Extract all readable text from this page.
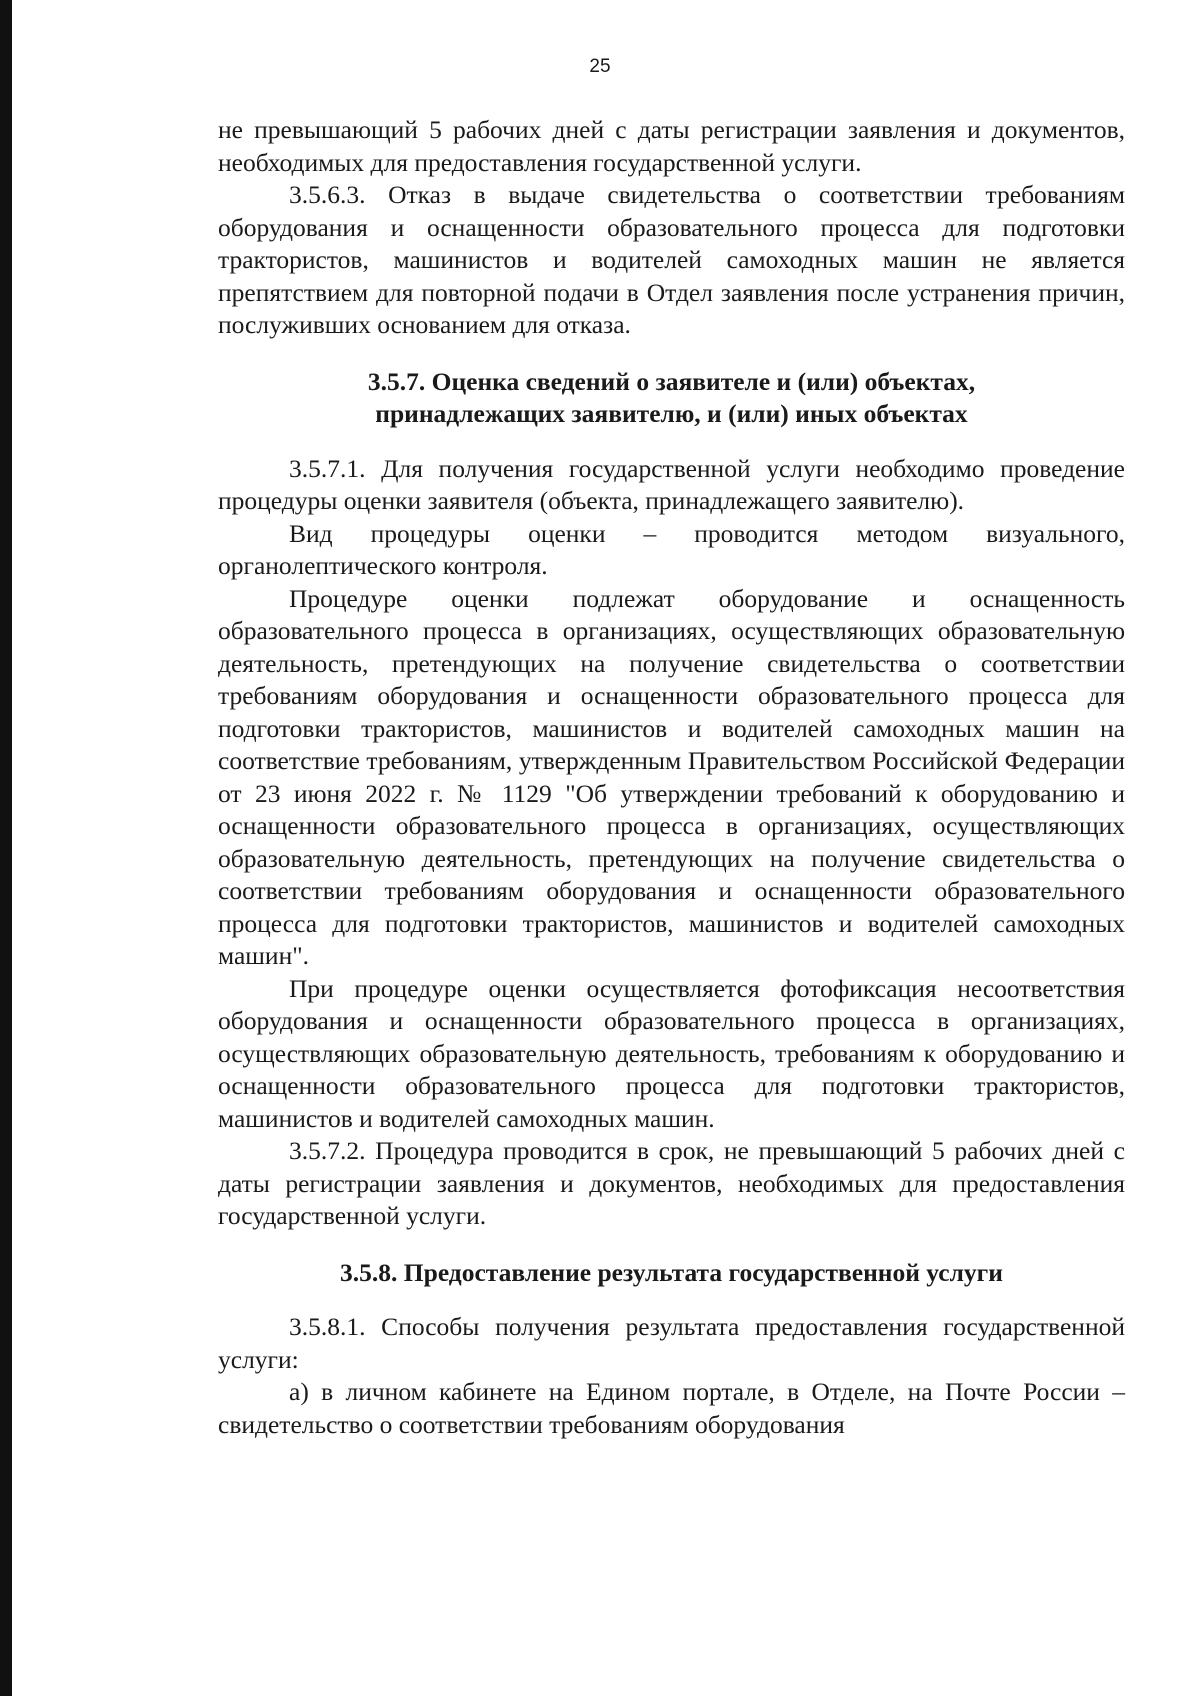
25

не превышающий 5 рабочих дней с даты регистрации заявления и документов, необходимых для предоставления государственной услуги.

3.5.6.3. Отказ в выдаче свидетельства о соответствии требованиям оборудования и оснащенности образовательного процесса для подготовки трактористов, машинистов и водителей самоходных машин не является препятствием для повторной подачи в Отдел заявления после устранения причин, послуживших основанием для отказа.

3.5.7. Оценка сведений о заявителе и (или) объектах,
принадлежащих заявителю, и (или) иных объектах

3.5.7.1. Для получения государственной услуги необходимо проведение процедуры оценки заявителя (объекта, принадлежащего заявителю).

Вид процедуры оценки – проводится методом визуального, органолептического контроля.

Процедуре оценки подлежат оборудование и оснащенность образовательного процесса в организациях, осуществляющих образовательную деятельность, претендующих на получение свидетельства о соответствии требованиям оборудования и оснащенности образовательного процесса для подготовки трактористов, машинистов и водителей самоходных машин на соответствие требованиям, утвержденным Правительством Российской Федерации от 23 июня 2022 г. № 1129 "Об утверждении требований к оборудованию и оснащенности образовательного процесса в организациях, осуществляющих образовательную деятельность, претендующих на получение свидетельства о соответствии требованиям оборудования и оснащенности образовательного процесса для подготовки трактористов, машинистов и водителей самоходных машин".

При процедуре оценки осуществляется фотофиксация несоответствия оборудования и оснащенности образовательного процесса в организациях, осуществляющих образовательную деятельность, требованиям к оборудованию и оснащенности образовательного процесса для подготовки трактористов, машинистов и водителей самоходных машин.

3.5.7.2. Процедура проводится в срок, не превышающий 5 рабочих дней с даты регистрации заявления и документов, необходимых для предоставления государственной услуги.

3.5.8. Предоставление результата государственной услуги

3.5.8.1. Способы получения результата предоставления государственной услуги:

а) в личном кабинете на Едином портале, в Отделе, на Почте России – свидетельство о соответствии требованиям оборудования
